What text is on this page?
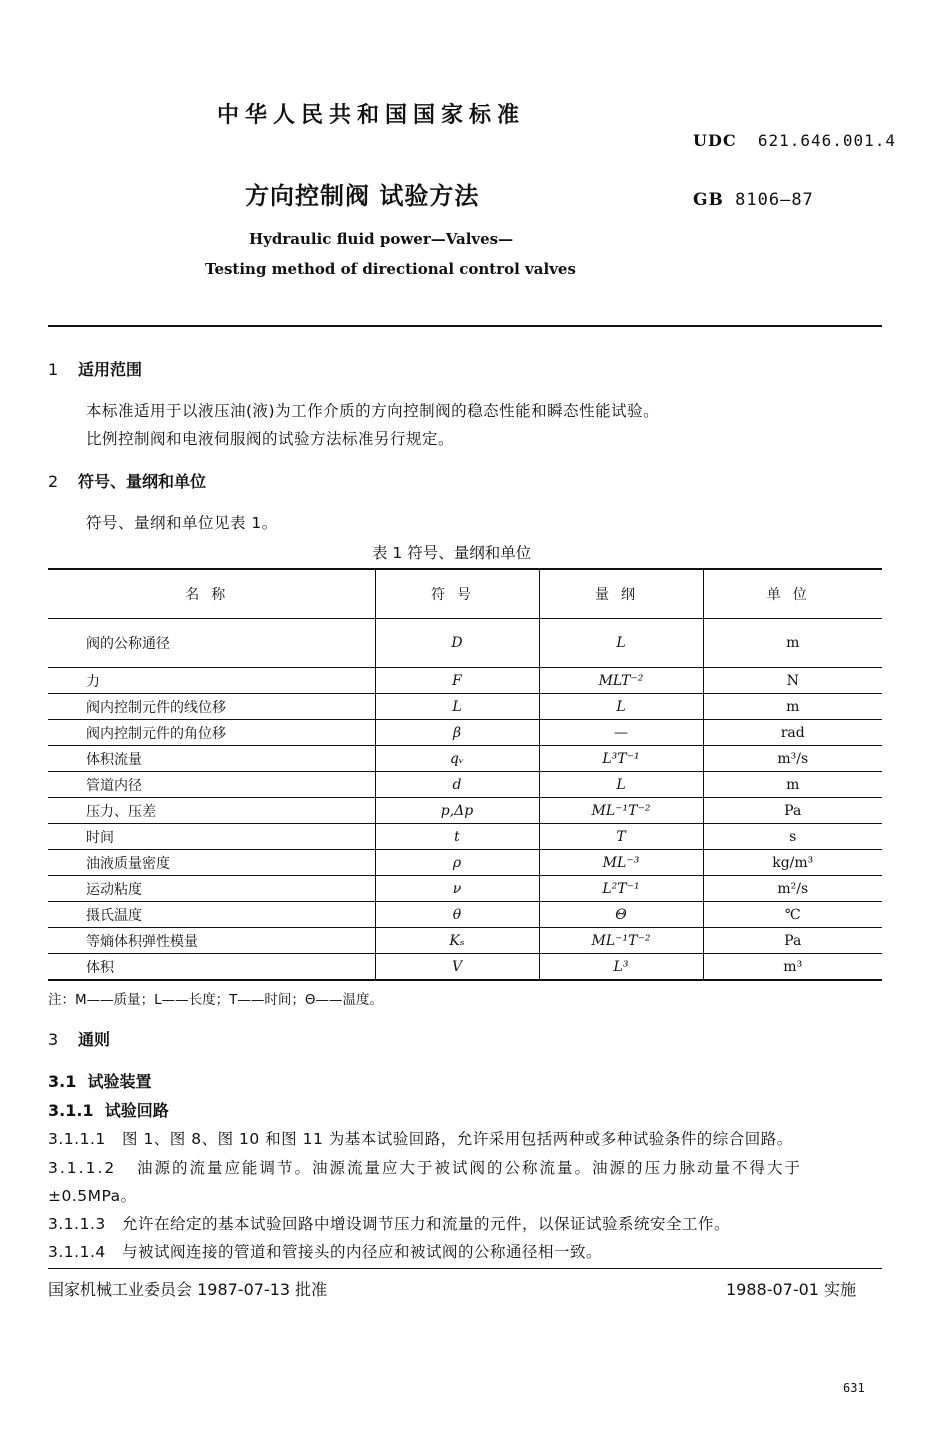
中华人民共和国国家标准
UDC 621.646.001.4
方向控制阀 试验方法	GB 8106—87
Hydraulic fluid power—Valves—
Testing method of directional control valves
1 适用范围
本标准适用于以液压油(液)为工作介质的方向控制阀的稳态性能和瞬态性能试验。
比例控制阀和电液伺服阀的试验方法标准另行规定。
2 符号、量纲和单位
符号、量纲和单位见表 1。
表 1 符号、量纲和单位
名称	符号	量纲	单位
阀的公称通径	D	L	m
力	F	MLT⁻²	N
阀内控制元件的线位移	L	L	m
阀内控制元件的角位移	β	—	rad
体积流量	qᵥ	L³T⁻¹	m³/s
管道内径	d	L	m
压力、压差	p,Δp	ML⁻¹T⁻²	Pa
时间	t	T	s
油液质量密度	ρ	ML⁻³	kg/m³
运动粘度	ν	L²T⁻¹	m²/s
摄氏温度	θ	Θ	℃
等熵体积弹性模量	Kₛ	ML⁻¹T⁻²	Pa
体积	V	L³	m³
注：M——质量；L——长度；T——时间；Θ——温度。
3 通则
3.1 试验装置
3.1.1 试验回路
3.1.1.1 图 1、图 8、图 10 和图 11 为基本试验回路，允许采用包括两种或多种试验条件的综合回路。
3.1.1.2 油源的流量应能调节。油源流量应大于被试阀的公称流量。油源的压力脉动量不得大于
±0.5MPa。
3.1.1.3 允许在给定的基本试验回路中增设调节压力和流量的元件，以保证试验系统安全工作。
3.1.1.4 与被试阀连接的管道和管接头的内径应和被试阀的公称通径相一致。
国家机械工业委员会 1987-07-13 批准	1988-07-01 实施
631
